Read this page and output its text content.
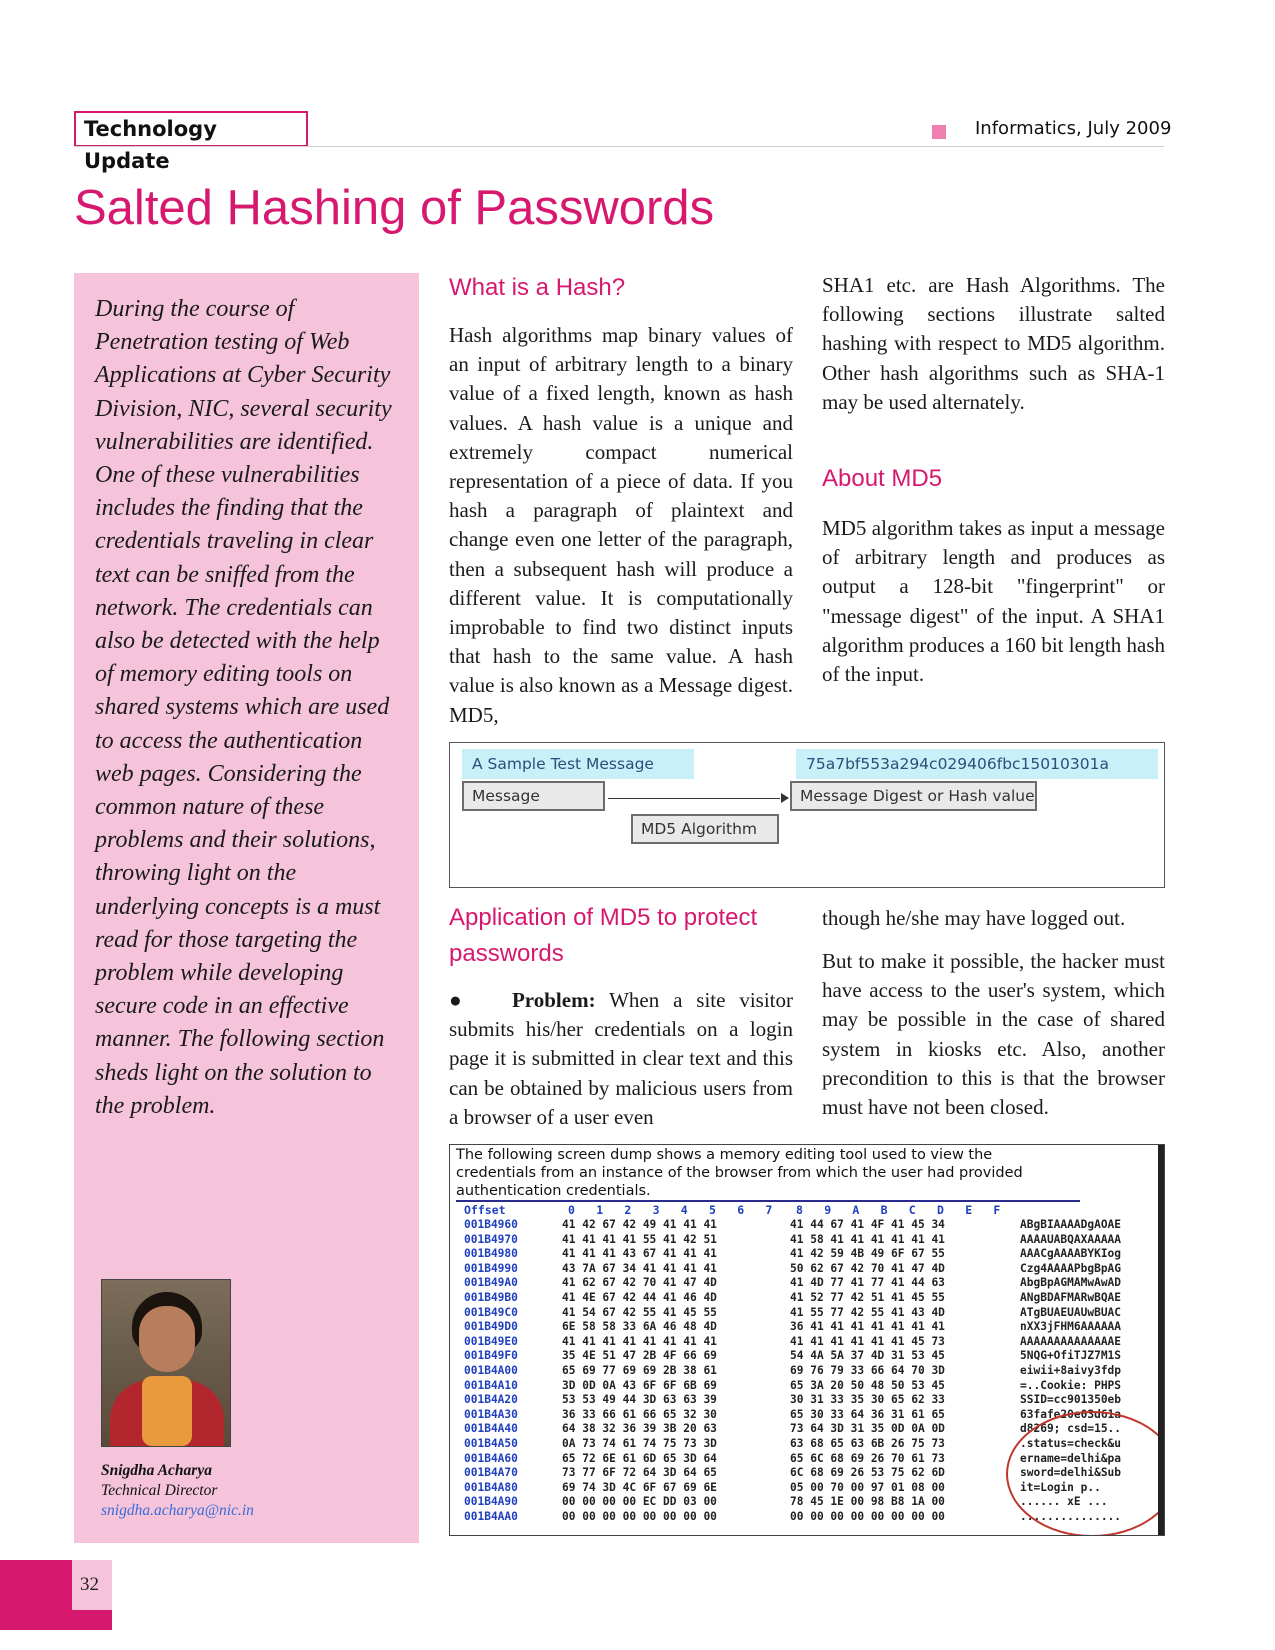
Technology Update
Informatics, July 2009
Salted Hashing of Passwords

During the course of Penetration testing of Web Applications at Cyber Security Division, NIC, several security vulnerabilities are identified. One of these vulnerabilities includes the finding that the credentials traveling in clear text can be sniffed from the network. The credentials can also be detected with the help of memory editing tools on shared systems which are used to access the authentication web pages. Considering the common nature of these problems and their solutions, throwing light on the underlying concepts is a must read for those targeting the problem while developing secure code in an effective manner. The following section sheds light on the solution to the problem.

Snigdha Acharya
Technical Director
snigdha.acharya@nic.in
What is a Hash?

Hash algorithms map binary values of an input of arbitrary length to a binary value of a fixed length, known as hash values. A hash value is a unique and extremely compact numerical representation of a piece of data. If you hash a paragraph of plaintext and change even one letter of the paragraph, then a subsequent hash will produce a different value. It is computationally improbable to find two distinct inputs that hash to the same value. A hash value is also known as a Message digest. MD5,

SHA1 etc. are Hash Algorithms. The following sections illustrate salted hashing with respect to MD5 algorithm. Other hash algorithms such as SHA-1 may be used alternately.

About MD5

MD5 algorithm takes as input a message of arbitrary length and produces as output a 128-bit "fingerprint" or "message digest" of the input. A SHA1 algorithm produces a 160 bit length hash of the input.

A Sample Test Message	75a7bf553a294c029406fbc15010301a
Message	Message Digest or Hash value
MD5 Algorithm
Application of MD5 to protect passwords

●   Problem: When a site visitor submits his/her credentials on a login page it is submitted in clear text and this can be obtained by malicious users from a browser of a user even

though he/she may have logged out.

But to make it possible, the hacker must have access to the user's system, which may be possible in the case of shared system in kiosks etc. Also, another precondition to this is that the browser must have not been closed.

The following screen dump shows a memory editing tool used to view the credentials from an instance of the browser from which the user had provided authentication credentials.
Offset	0 1 2 3 4 5 6 7 8 9 A B C D E F
001B4960	41 42 67 42 49 41 41 41	41 44 67 41 4F 41 45 34	ABgBIAAAADgAOAE
001B4970	41 41 41 41 55 41 42 51	41 58 41 41 41 41 41 41	AAAAUABQAXAAAAA
001B4980	41 41 41 43 67 41 41 41	41 42 59 4B 49 6F 67 55	AAACgAAAABYKIog
001B4990	43 7A 67 34 41 41 41 41	50 62 67 42 70 41 47 4D	Czg4AAAAPbgBpAG
001B49A0	41 62 67 42 70 41 47 4D	41 4D 77 41 77 41 44 63	AbgBpAGMAMwAwAD
001B49B0	41 4E 67 42 44 41 46 4D	41 52 77 42 51 41 45 55	ANgBDAFMARwBQAE
001B49C0	41 54 67 42 55 41 45 55	41 55 77 42 55 41 43 4D	ATgBUAEUAUwBUAC
001B49D0	6E 58 58 33 6A 46 48 4D	36 41 41 41 41 41 41 41	nXX3jFHM6AAAAAA
001B49E0	41 41 41 41 41 41 41 41	41 41 41 41 41 41 45 73	AAAAAAAAAAAAAAE
001B49F0	35 4E 51 47 2B 4F 66 69	54 4A 5A 37 4D 31 53 45	5NQG+OfiTJZ7M1S
001B4A00	65 69 77 69 69 2B 38 61	69 76 79 33 66 64 70 3D	eiwii+8aivy3fdp
001B4A10	3D 0D 0A 43 6F 6F 6B 69	65 3A 20 50 48 50 53 45	=..Cookie: PHPS
001B4A20	53 53 49 44 3D 63 63 39	30 31 33 35 30 65 62 33	SSID=cc901350eb
001B4A30	36 33 66 61 66 65 32 30	65 30 33 64 36 31 61 65	63fafe20e03d61a
001B4A40	64 38 32 36 39 3B 20 63	73 64 3D 31 35 0D 0A 0D	d8269; csd=15..
001B4A50	0A 73 74 61 74 75 73 3D	63 68 65 63 6B 26 75 73	.status=check&u
001B4A60	65 72 6E 61 6D 65 3D 64	65 6C 68 69 26 70 61 73	ername=delhi&pa
001B4A70	73 77 6F 72 64 3D 64 65	6C 68 69 26 53 75 62 6D	sword=delhi&Sub
001B4A80	69 74 3D 4C 6F 67 69 6E	05 00 70 00 97 01 08 00	it=Login p..
001B4A90	00 00 00 00 EC DD 03 00	78 45 1E 00 98 B8 1A 00	...... xE ...
001B4AA0	00 00 00 00 00 00 00 00	00 00 00 00 00 00 00 00	...............
32
